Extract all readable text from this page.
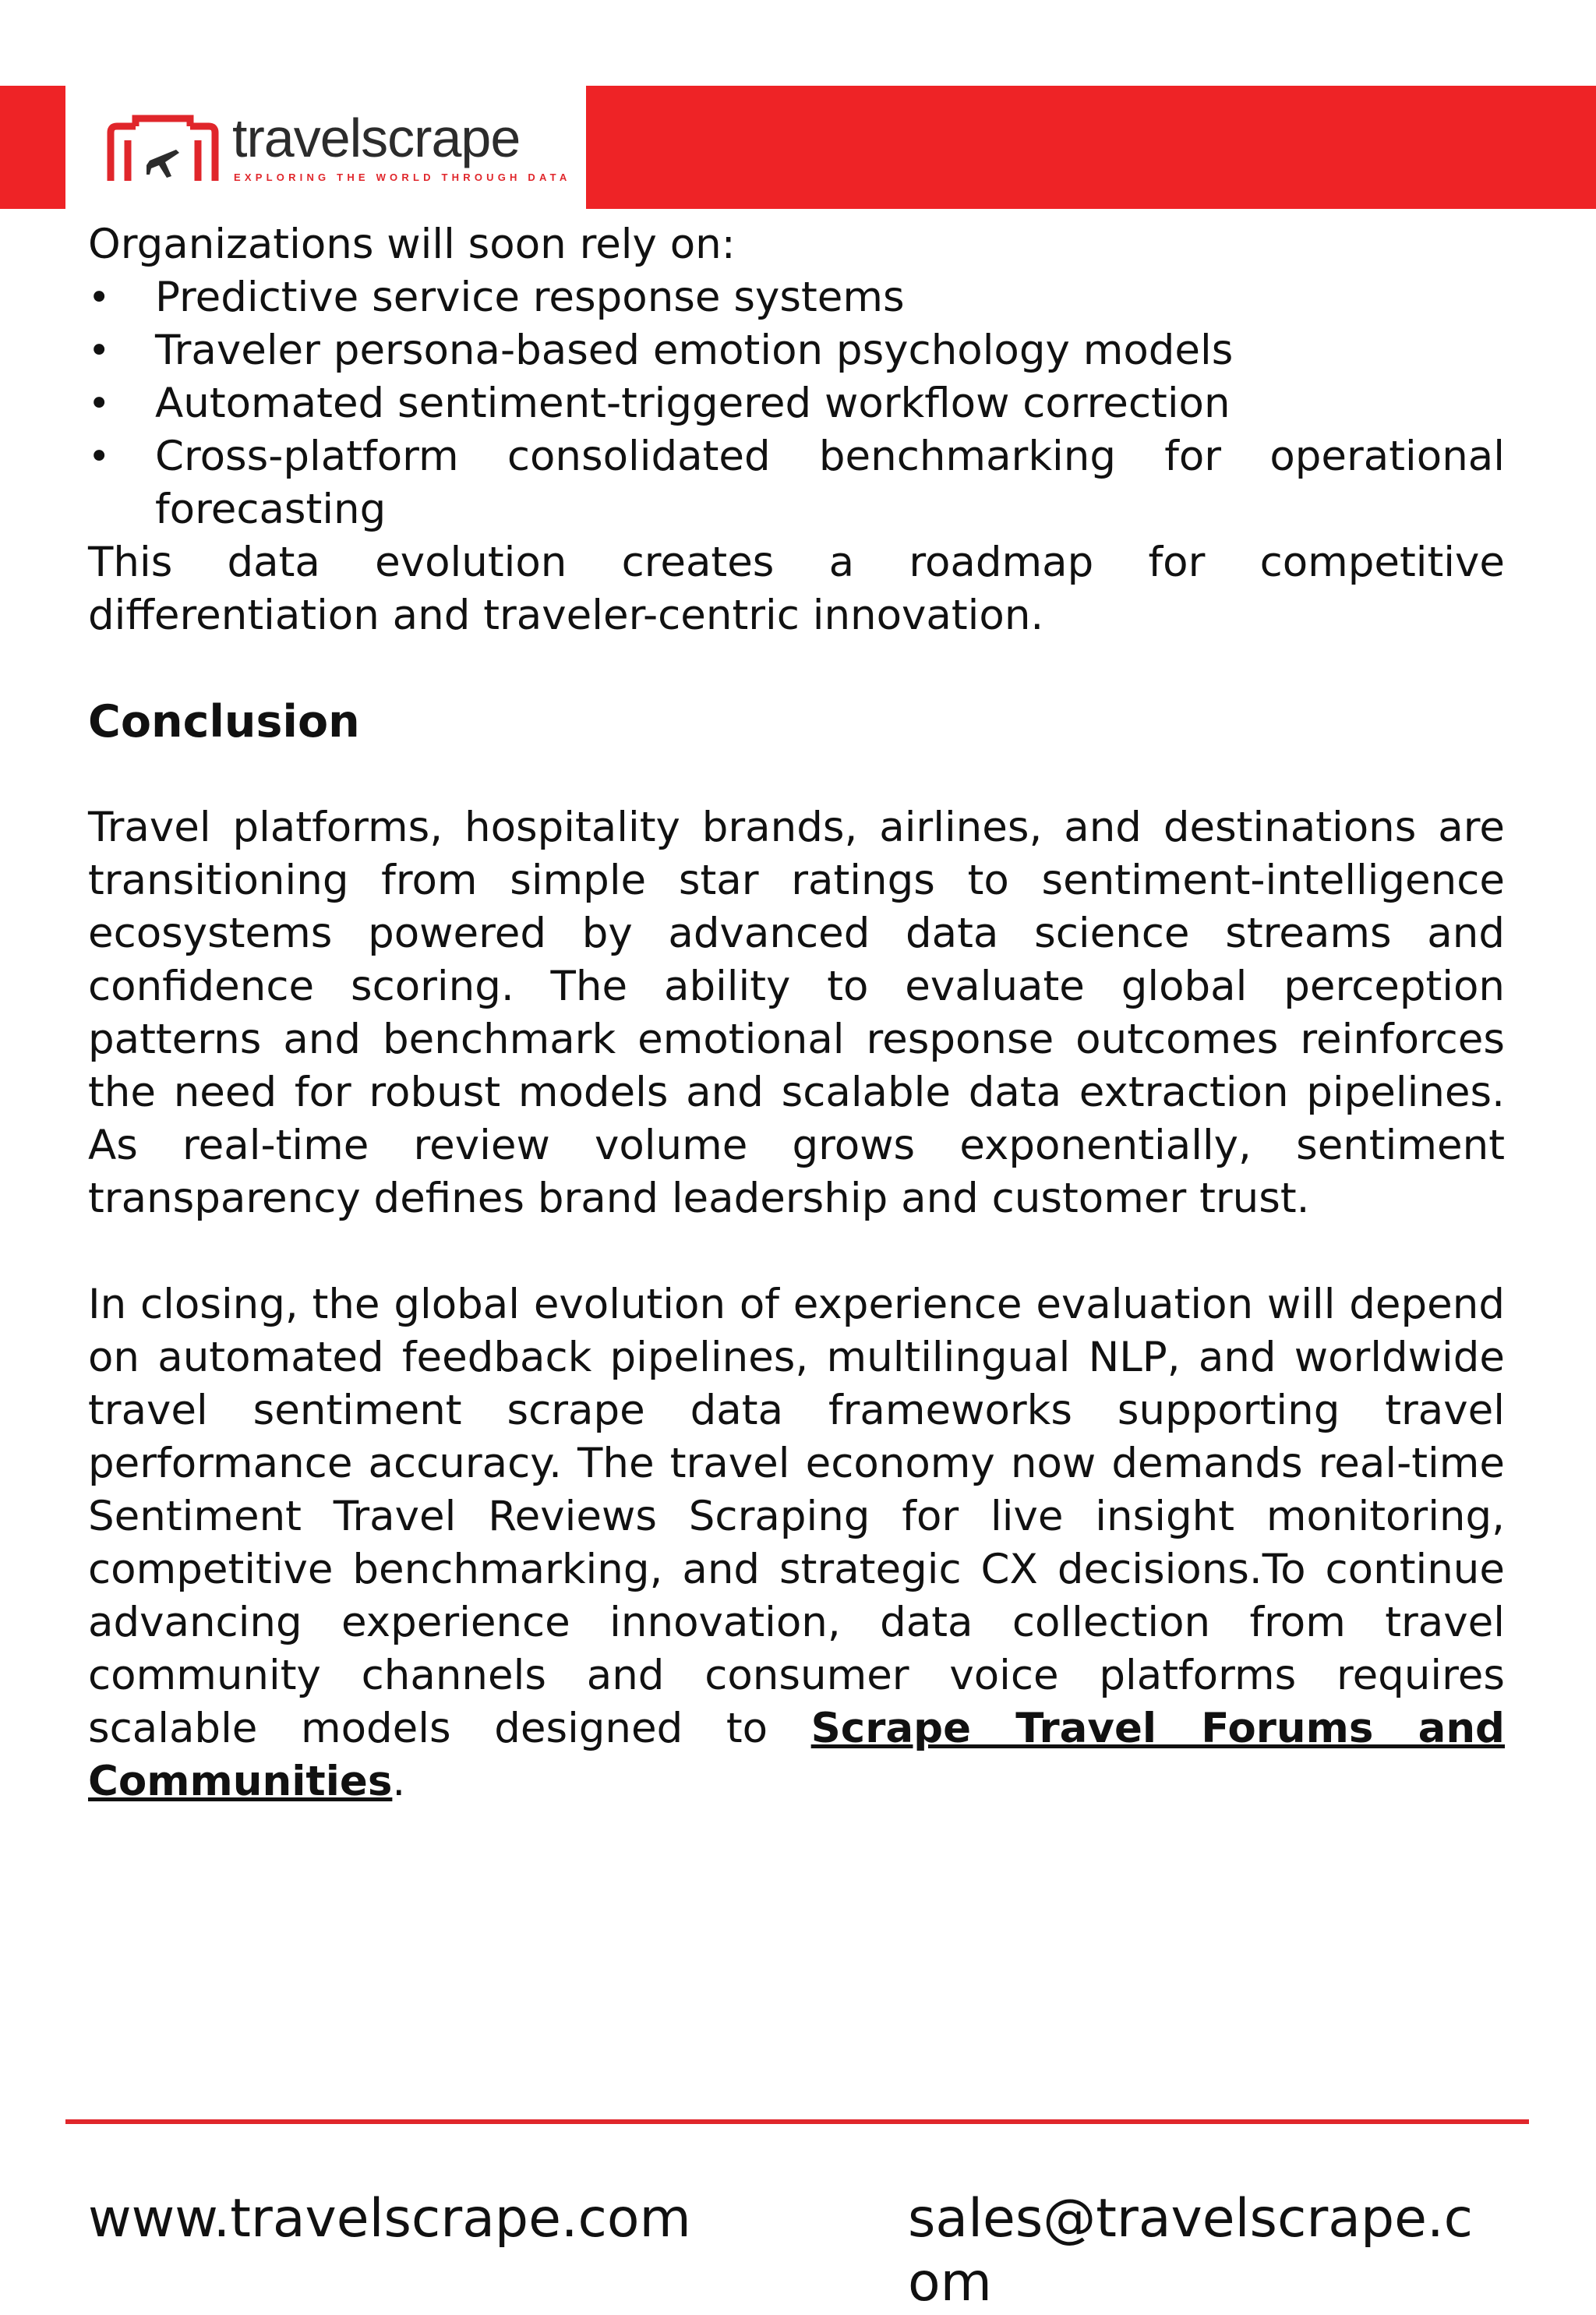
travelscrape
EXPLORING THE WORLD THROUGH DATA

Organizations will soon rely on:

• Predictive service response systems
• Traveler persona-based emotion psychology models
• Automated sentiment-triggered workflow correction
• Cross-platform consolidated benchmarking for operational forecasting

This data evolution creates a roadmap for competitive differentiation and traveler-centric innovation.

Conclusion

Travel platforms, hospitality brands, airlines, and destinations are transitioning from simple star ratings to sentiment-intelligence ecosystems powered by advanced data science streams and confidence scoring. The ability to evaluate global perception patterns and benchmark emotional response outcomes reinforces the need for robust models and scalable data extraction pipelines. As real-time review volume grows exponentially, sentiment transparency defines brand leadership and customer trust.

In closing, the global evolution of experience evaluation will depend on automated feedback pipelines, multilingual NLP, and worldwide travel sentiment scrape data frameworks supporting travel performance accuracy. The travel economy now demands real-time Sentiment Travel Reviews Scraping for live insight monitoring, competitive benchmarking, and strategic CX decisions.To continue advancing experience innovation, data collection from travel community channels and consumer voice platforms requires scalable models designed to Scrape Travel Forums and Communities.

www.travelscrape.com	sales@travelscrape.com
